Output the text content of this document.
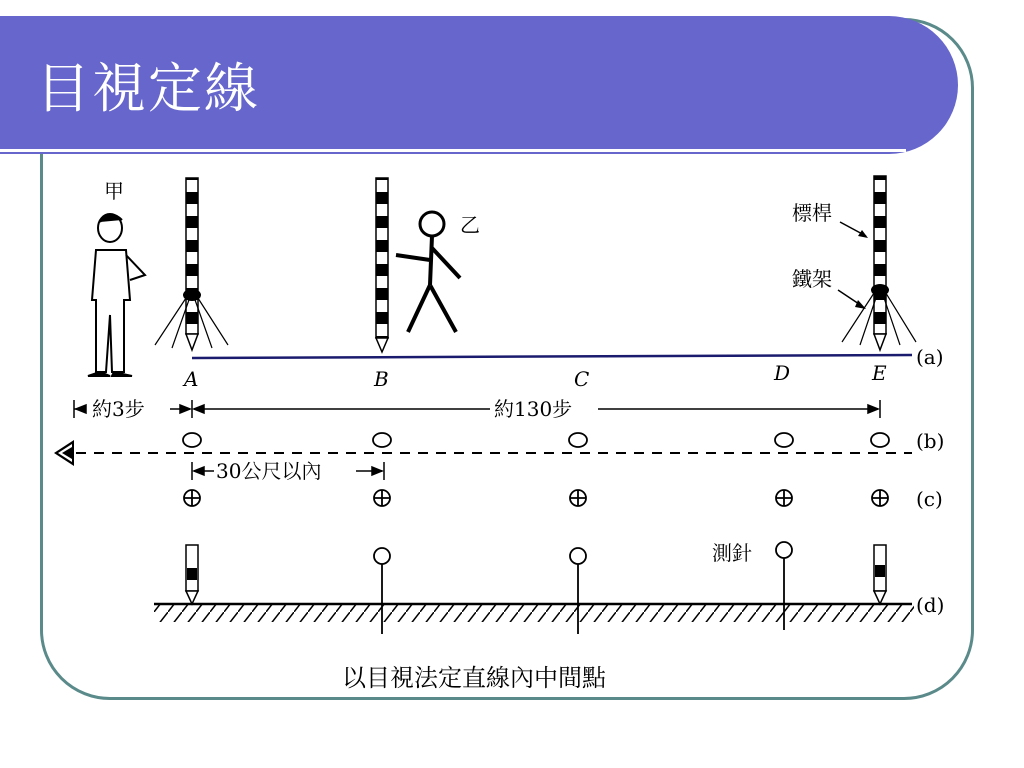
目視定線
甲
乙	標桿
鐵架
(a)
A	B	C	D	E
約3步	約130步
(b)
30公尺以內
(c)
測針
(d)
以目視法定直線內中間點
